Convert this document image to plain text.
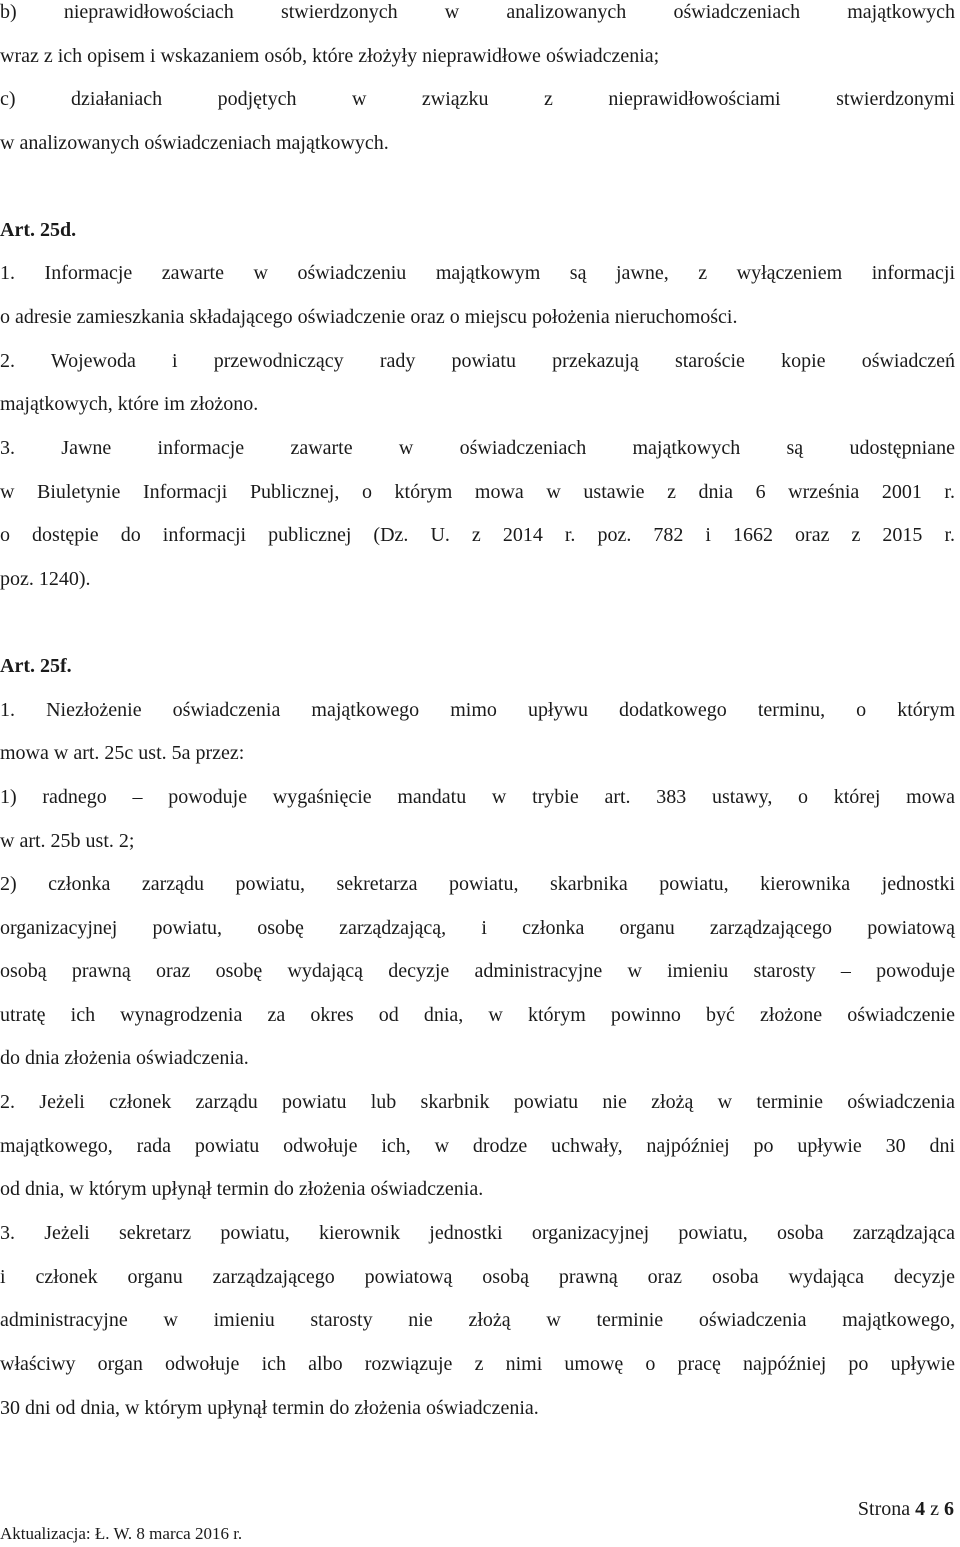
b) nieprawidłowościach stwierdzonych w analizowanych oświadczeniach majątkowych
wraz z ich opisem i wskazaniem osób, które złożyły nieprawidłowe oświadczenia;
c) działaniach podjętych w związku z nieprawidłowościami stwierdzonymi
w analizowanych oświadczeniach majątkowych.
Art. 25d.
1. Informacje zawarte w oświadczeniu majątkowym są jawne, z wyłączeniem informacji
o adresie zamieszkania składającego oświadczenie oraz o miejscu położenia nieruchomości.
2. Wojewoda i przewodniczący rady powiatu przekazują staroście kopie oświadczeń
majątkowych, które im złożono.
3. Jawne informacje zawarte w oświadczeniach majątkowych są udostępniane
w Biuletynie Informacji Publicznej, o którym mowa w ustawie z dnia 6 września 2001 r.
o dostępie do informacji publicznej (Dz. U. z 2014 r. poz. 782 i 1662 oraz z 2015 r.
poz. 1240).
Art. 25f.
1. Niezłożenie oświadczenia majątkowego mimo upływu dodatkowego terminu, o którym
mowa w art. 25c ust. 5a przez:
1) radnego – powoduje wygaśnięcie mandatu w trybie art. 383 ustawy, o której mowa
w art. 25b ust. 2;
2) członka zarządu powiatu, sekretarza powiatu, skarbnika powiatu, kierownika jednostki
organizacyjnej powiatu, osobę zarządzającą, i członka organu zarządzającego powiatową
osobą prawną oraz osobę wydającą decyzje administracyjne w imieniu starosty – powoduje
utratę ich wynagrodzenia za okres od dnia, w którym powinno być złożone oświadczenie
do dnia złożenia oświadczenia.
2. Jeżeli członek zarządu powiatu lub skarbnik powiatu nie złożą w terminie oświadczenia
majątkowego, rada powiatu odwołuje ich, w drodze uchwały, najpóźniej po upływie 30 dni
od dnia, w którym upłynął termin do złożenia oświadczenia.
3. Jeżeli sekretarz powiatu, kierownik jednostki organizacyjnej powiatu, osoba zarządzająca
i członek organu zarządzającego powiatową osobą prawną oraz osoba wydająca decyzje
administracyjne w imieniu starosty nie złożą w terminie oświadczenia majątkowego,
właściwy organ odwołuje ich albo rozwiązuje z nimi umowę o pracę najpóźniej po upływie
30 dni od dnia, w którym upłynął termin do złożenia oświadczenia.
Strona 4 z 6
Aktualizacja: Ł. W. 8 marca 2016 r.
